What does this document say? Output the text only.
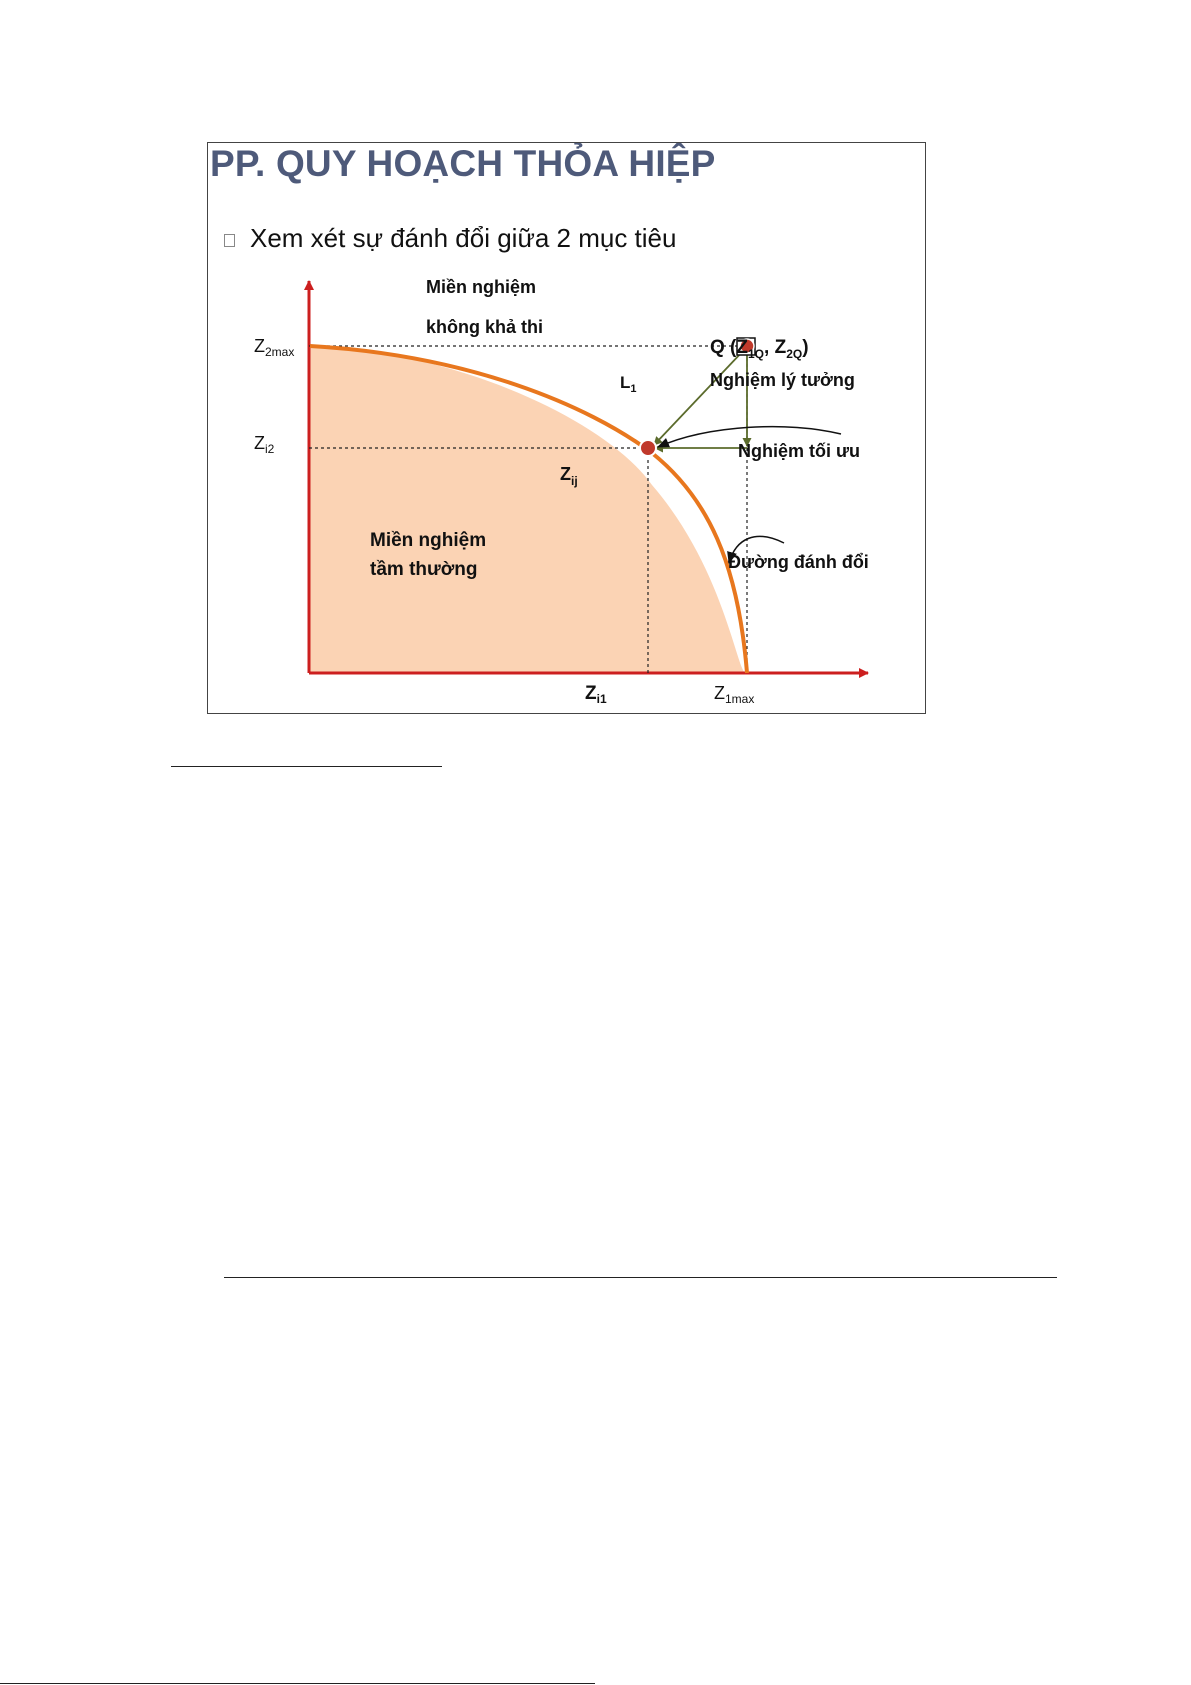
PP. QUY HOẠCH THỎA HIỆP
Xem xét sự đánh đổi giữa 2 mục tiêu
Miền nghiệm
không khả thi
Miền nghiệm
tầm thường
Q ($Z_{1Q}$, $Z_{2Q}$)
Nghiệm lý tưởng
Nghiệm tối ưu
Đường đánh đổi
$L_1$
$Z_{ij}$
$Z_{2max}$
$Z_{i2}$
$Z_{i1}$	$Z_{1max}$
